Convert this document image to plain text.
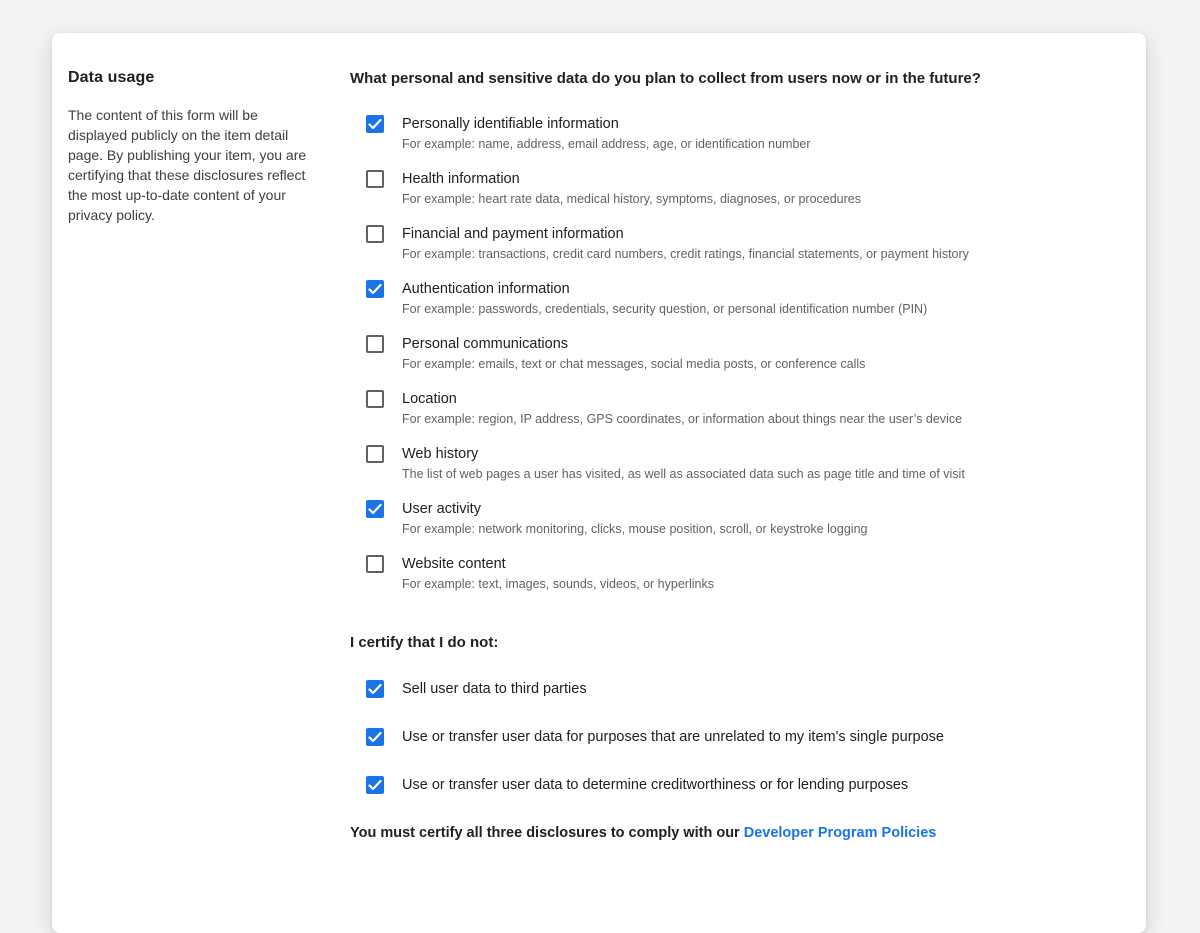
Data usage

The content of this form will be displayed publicly on the item detail page. By publishing your item, you are certifying that these disclosures reflect the most up-to-date content of your privacy policy.

What personal and sensitive data do you plan to collect from users now or in the future?
Personally identifiable information
For example: name, address, email address, age, or identification number
Health information
For example: heart rate data, medical history, symptoms, diagnoses, or procedures
Financial and payment information
For example: transactions, credit card numbers, credit ratings, financial statements, or payment history
Authentication information
For example: passwords, credentials, security question, or personal identification number (PIN)
Personal communications
For example: emails, text or chat messages, social media posts, or conference calls
Location
For example: region, IP address, GPS coordinates, or information about things near the user’s device
Web history
The list of web pages a user has visited, as well as associated data such as page title and time of visit
User activity
For example: network monitoring, clicks, mouse position, scroll, or keystroke logging
Website content
For example: text, images, sounds, videos, or hyperlinks
I certify that I do not:
Sell user data to third parties
Use or transfer user data for purposes that are unrelated to my item's single purpose
Use or transfer user data to determine creditworthiness or for lending purposes

You must certify all three disclosures to comply with our Developer Program Policies
